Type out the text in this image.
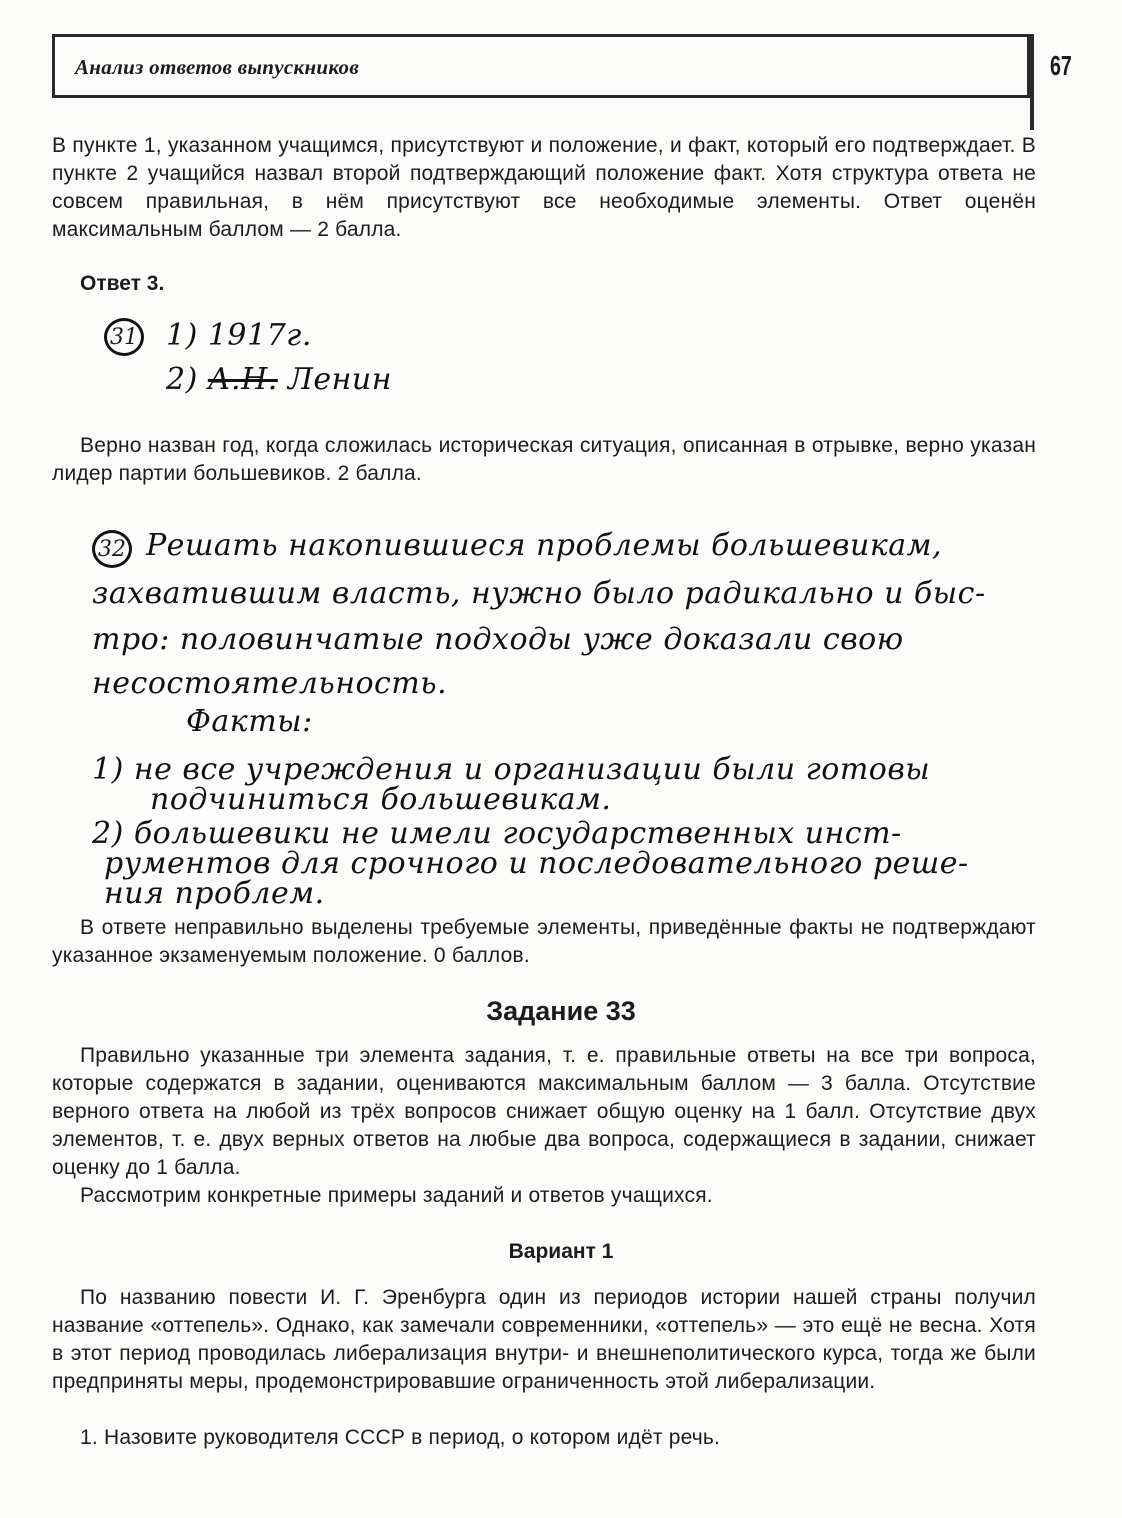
Анализ ответов выпускников	67

В пункте 1, указанном учащимся, присутствуют и положение, и факт, который его подтверждает. В пункте 2 учащийся назвал второй подтверждающий положение факт. Хотя структура ответа не совсем правильная, в нём присутствуют все необходимые элементы. Ответ оценён максимальным баллом — 2 балла.

Ответ 3.

31 1) 1917г.
2) А.Н. Ленин

Верно назван год, когда сложилась историческая ситуация, описанная в отрывке, верно указан лидер партии большевиков. 2 балла.

32 Решать накопившиеся проблемы большевикам,
захватившим власть, нужно было радикально и быс-
тро: половинчатые подходы уже доказали свою
несостоятельность.
Факты:
1) не все учреждения и организации были готовы
подчиниться большевикам.
2) большевики не имели государственных инст-
рументов для срочного и последовательного реше-
ния проблем.

В ответе неправильно выделены требуемые элементы, приведённые факты не подтверждают указанное экзаменуемым положение. 0 баллов.

Задание 33

Правильно указанные три элемента задания, т. е. правильные ответы на все три вопроса, которые содержатся в задании, оцениваются максимальным баллом — 3 балла. Отсутствие верного ответа на любой из трёх вопросов снижает общую оценку на 1 балл. Отсутствие двух элементов, т. е. двух верных ответов на любые два вопроса, содержащиеся в задании, снижает оценку до 1 балла.

Рассмотрим конкретные примеры заданий и ответов учащихся.

Вариант 1

По названию повести И. Г. Эренбурга один из периодов истории нашей страны получил название «оттепель». Однако, как замечали современники, «оттепель» — это ещё не весна. Хотя в этот период проводилась либерализация внутри- и внешнеполитического курса, тогда же были предприняты меры, продемонстрировавшие ограниченность этой либерализации.

1. Назовите руководителя СССР в период, о котором идёт речь.
